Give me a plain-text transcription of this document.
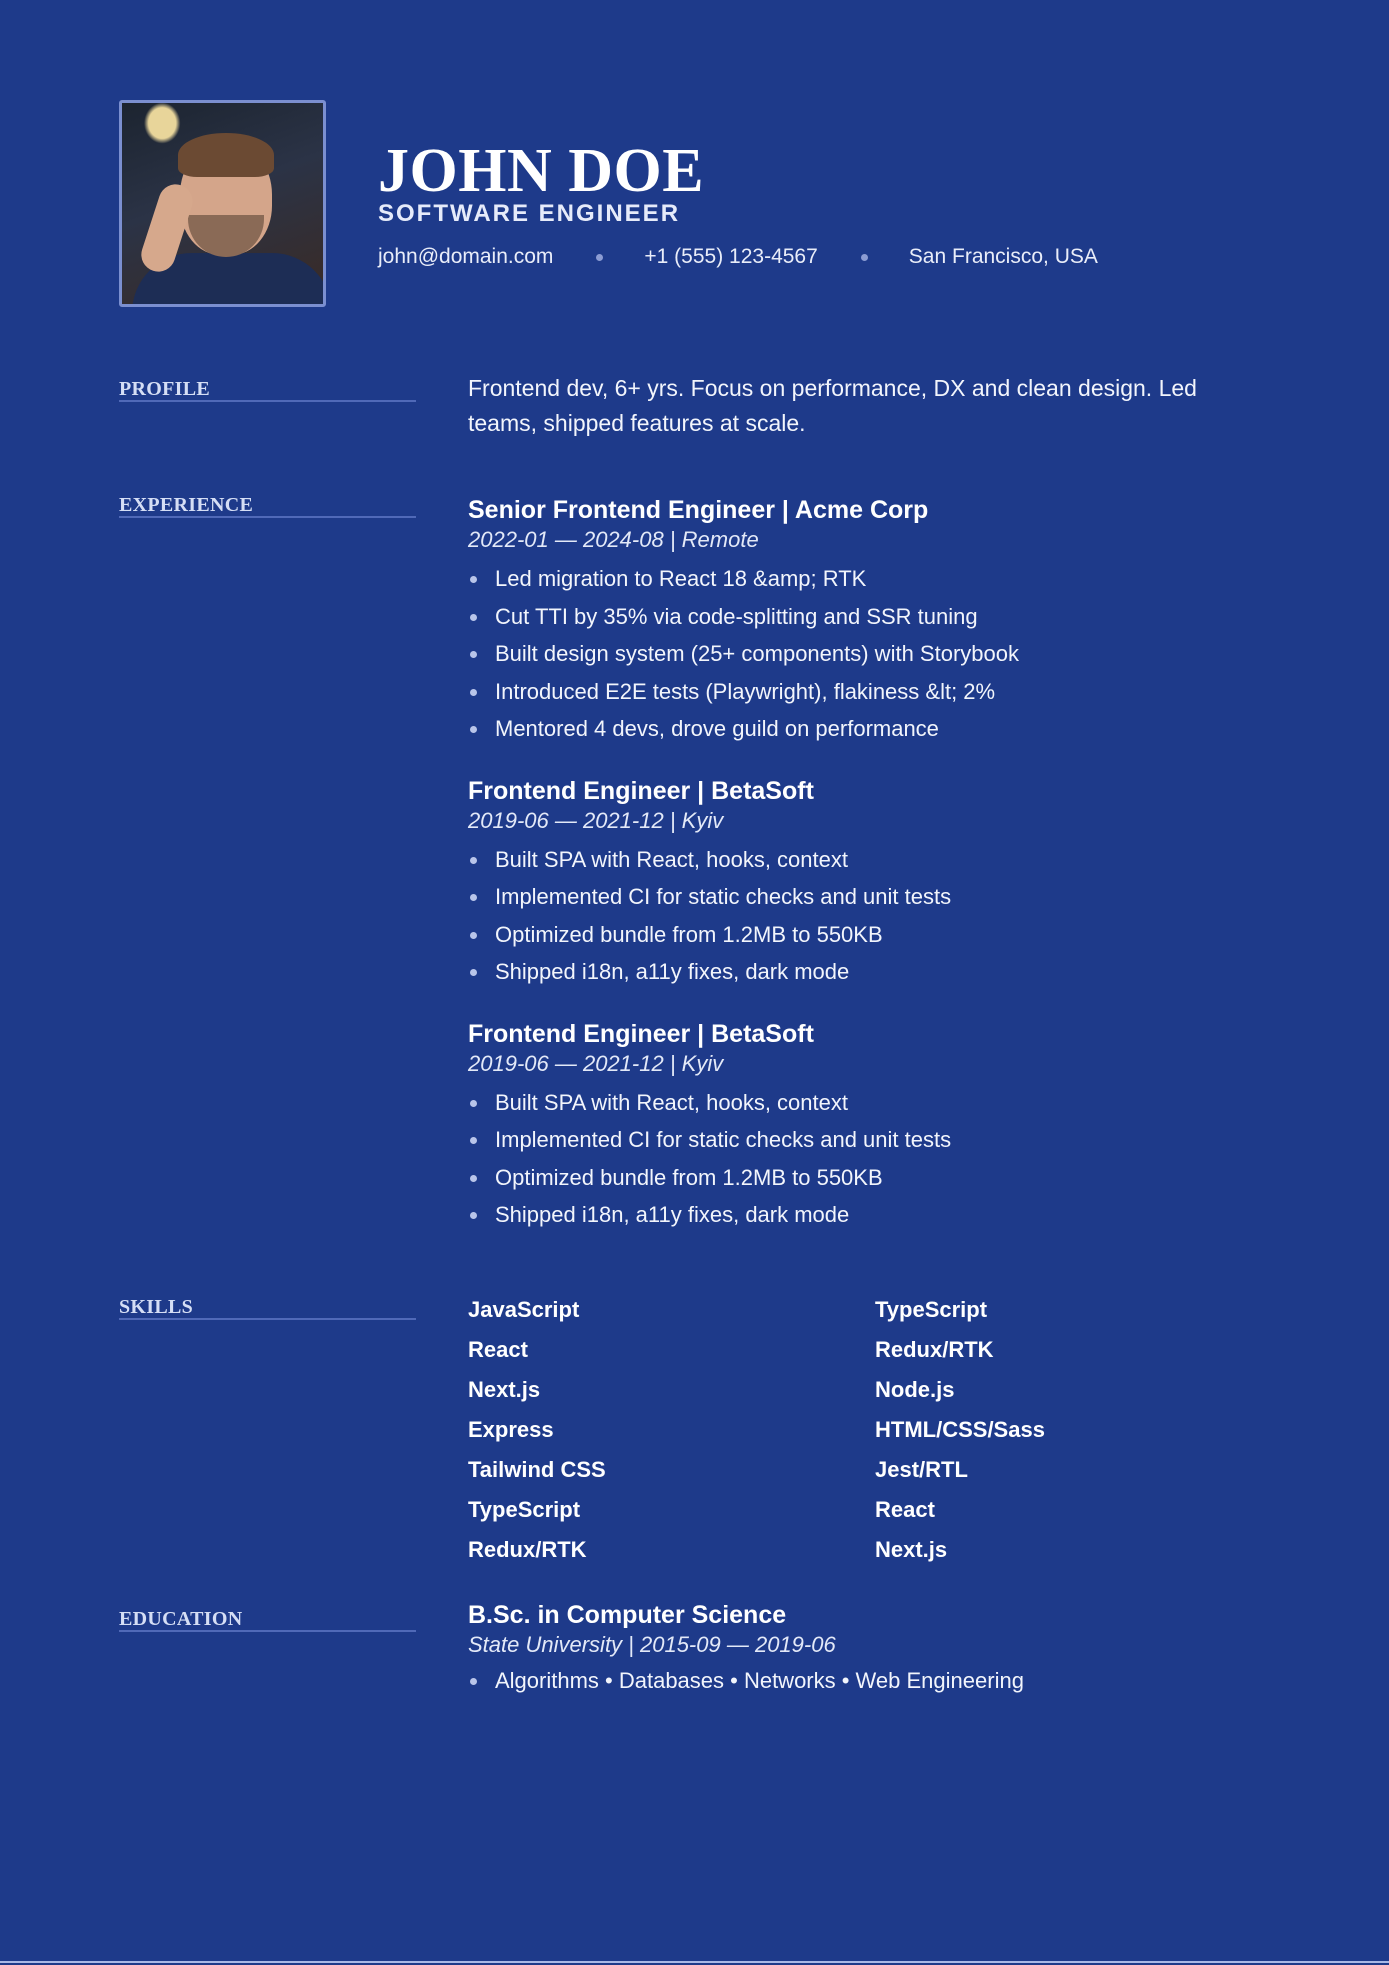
JOHN DOE
SOFTWARE ENGINEER
john@domain.com	+1 (555) 123-4567	San Francisco, USA
PROFILE	Frontend dev, 6+ yrs. Focus on performance, DX and clean design. Led teams, shipped features at scale.
EXPERIENCE	Senior Frontend Engineer | Acme Corp
2022-01 — 2024-08 | Remote
Led migration to React 18 &amp; RTK
Cut TTI by 35% via code-splitting and SSR tuning
Built design system (25+ components) with Storybook
Introduced E2E tests (Playwright), flakiness &lt; 2%
Mentored 4 devs, drove guild on performance
Frontend Engineer | BetaSoft
2019-06 — 2021-12 | Kyiv
Built SPA with React, hooks, context
Implemented CI for static checks and unit tests
Optimized bundle from 1.2MB to 550KB
Shipped i18n, a11y fixes, dark mode
Frontend Engineer | BetaSoft
2019-06 — 2021-12 | Kyiv
Built SPA with React, hooks, context
Implemented CI for static checks and unit tests
Optimized bundle from 1.2MB to 550KB
Shipped i18n, a11y fixes, dark mode
SKILLS	JavaScript	TypeScript
React	Redux/RTK
Next.js	Node.js
Express	HTML/CSS/Sass
Tailwind CSS	Jest/RTL
TypeScript	React
Redux/RTK	Next.js
EDUCATION	B.Sc. in Computer Science
State University | 2015-09 — 2019-06
Algorithms • Databases • Networks • Web Engineering
